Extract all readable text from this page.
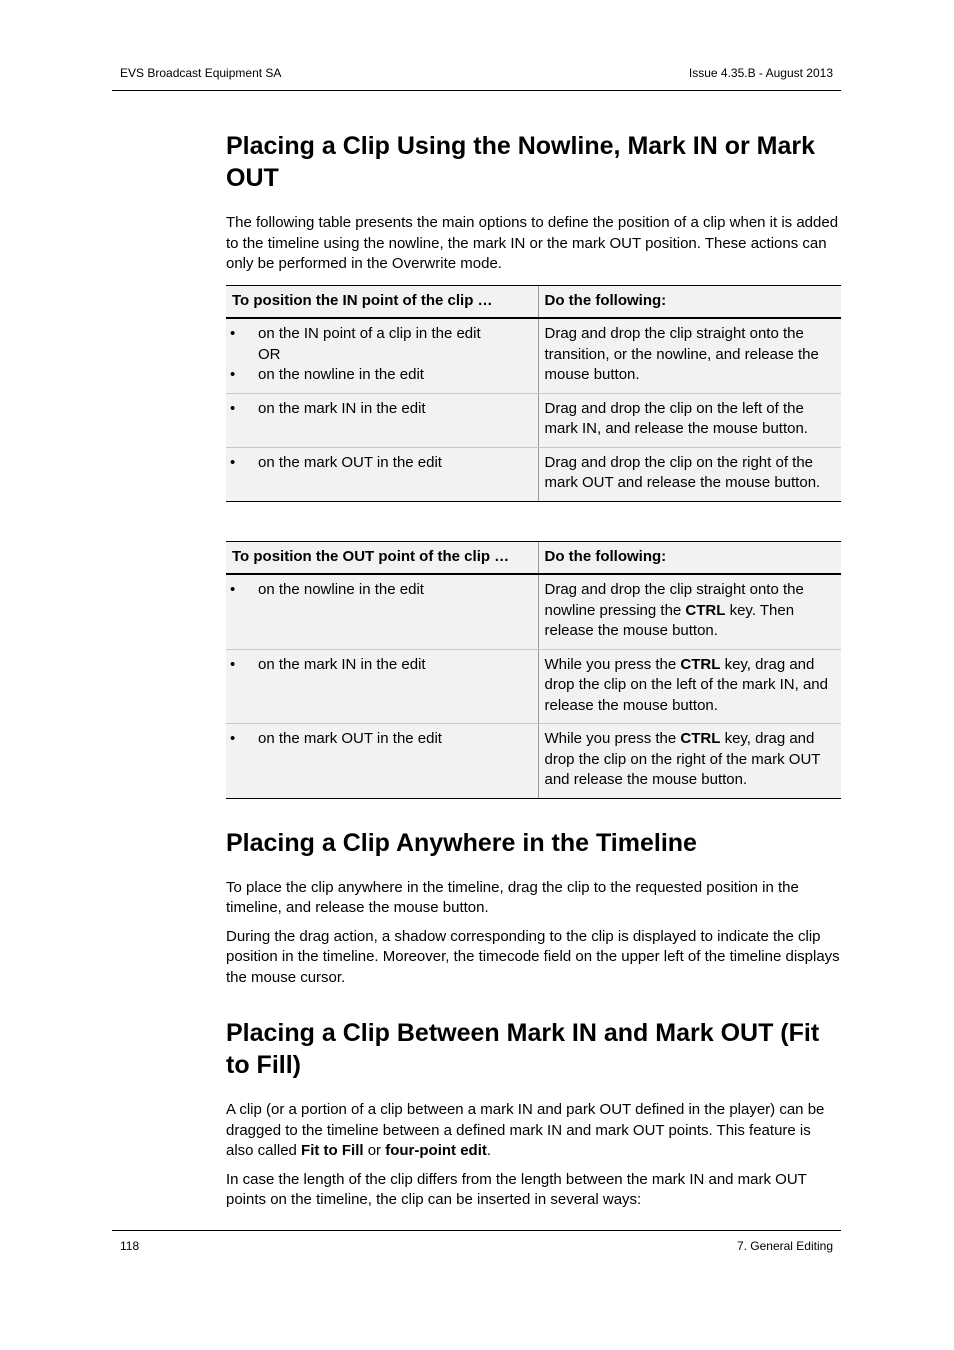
EVS Broadcast Equipment SA	Issue 4.35.B - August 2013
Placing a Clip Using the Nowline, Mark IN or Mark OUT

The following table presents the main options to define the position of a clip when it is added to the timeline using the nowline, the mark IN or the mark OUT position. These actions can only be performed in the Overwrite mode.

To position the IN point of the clip …	Do the following:

• on the IN point of a clip in the edit
OR
• on the nowline in the edit	Drag and drop the clip straight onto the transition, or the nowline, and release the mouse button.

• on the mark IN in the edit	Drag and drop the clip on the left of the mark IN, and release the mouse button.

• on the mark OUT in the edit	Drag and drop the clip on the right of the mark OUT and release the mouse button.
To position the OUT point of the clip …	Do the following:

• on the nowline in the edit	Drag and drop the clip straight onto the nowline pressing the CTRL key. Then release the mouse button.

• on the mark IN in the edit	While you press the CTRL key, drag and drop the clip on the left of the mark IN, and release the mouse button.

• on the mark OUT in the edit	While you press the CTRL key, drag and drop the clip on the right of the mark OUT and release the mouse button.
Placing a Clip Anywhere in the Timeline

To place the clip anywhere in the timeline, drag the clip to the requested position in the timeline, and release the mouse button.

During the drag action, a shadow corresponding to the clip is displayed to indicate the clip position in the timeline. Moreover, the timecode field on the upper left of the timeline displays the mouse cursor.

Placing a Clip Between Mark IN and Mark OUT (Fit to Fill)

A clip (or a portion of a clip between a mark IN and park OUT defined in the player) can be dragged to the timeline between a defined mark IN and mark OUT points. This feature is also called Fit to Fill or four-point edit.

In case the length of the clip differs from the length between the mark IN and mark OUT points on the timeline, the clip can be inserted in several ways:

118	7. General Editing
